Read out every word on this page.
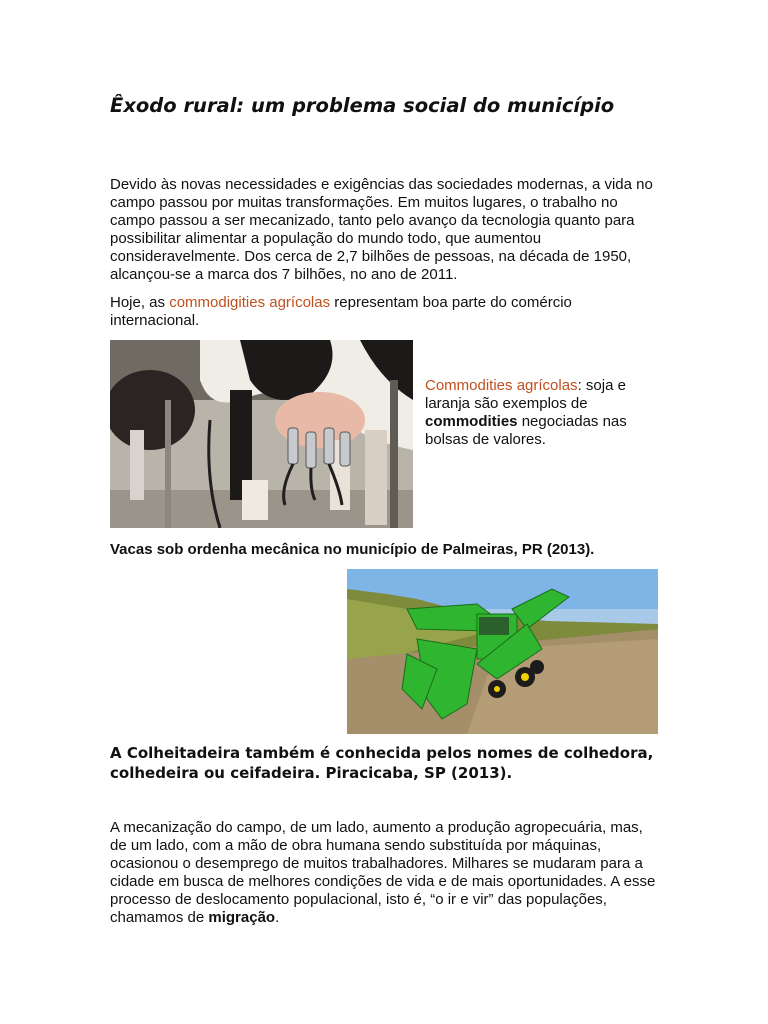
Êxodo rural: um problema social do município

Devido às novas necessidades e exigências das sociedades modernas, a vida no campo passou por muitas transformações. Em muitos lugares, o trabalho no campo passou a ser mecanizado, tanto pelo avanço da tecnologia quanto para possibilitar alimentar a população do mundo todo, que aumentou consideravelmente. Dos cerca de 2,7 bilhões de pessoas, na década de 1950, alcançou-se a marca dos 7 bilhões, no ano de 2011.

Hoje, as commodigities agrícolas representam boa parte do comércio internacional.

Commodities agrícolas: soja e laranja são exemplos de commodities negociadas nas bolsas de valores.

Vacas sob ordenha mecânica no município de Palmeiras, PR (2013).

A Colheitadeira também é conhecida pelos nomes de colhedora, colhedeira ou ceifadeira. Piracicaba, SP (2013).

A mecanização do campo, de um lado, aumento a produção agropecuária, mas, de um lado, com a mão de obra humana sendo substituída por máquinas, ocasionou o desemprego de muitos trabalhadores. Milhares se mudaram para a cidade em busca de melhores condições de vida e de mais oportunidades. A esse processo de deslocamento populacional, isto é, “o ir e vir” das populações, chamamos de migração.
